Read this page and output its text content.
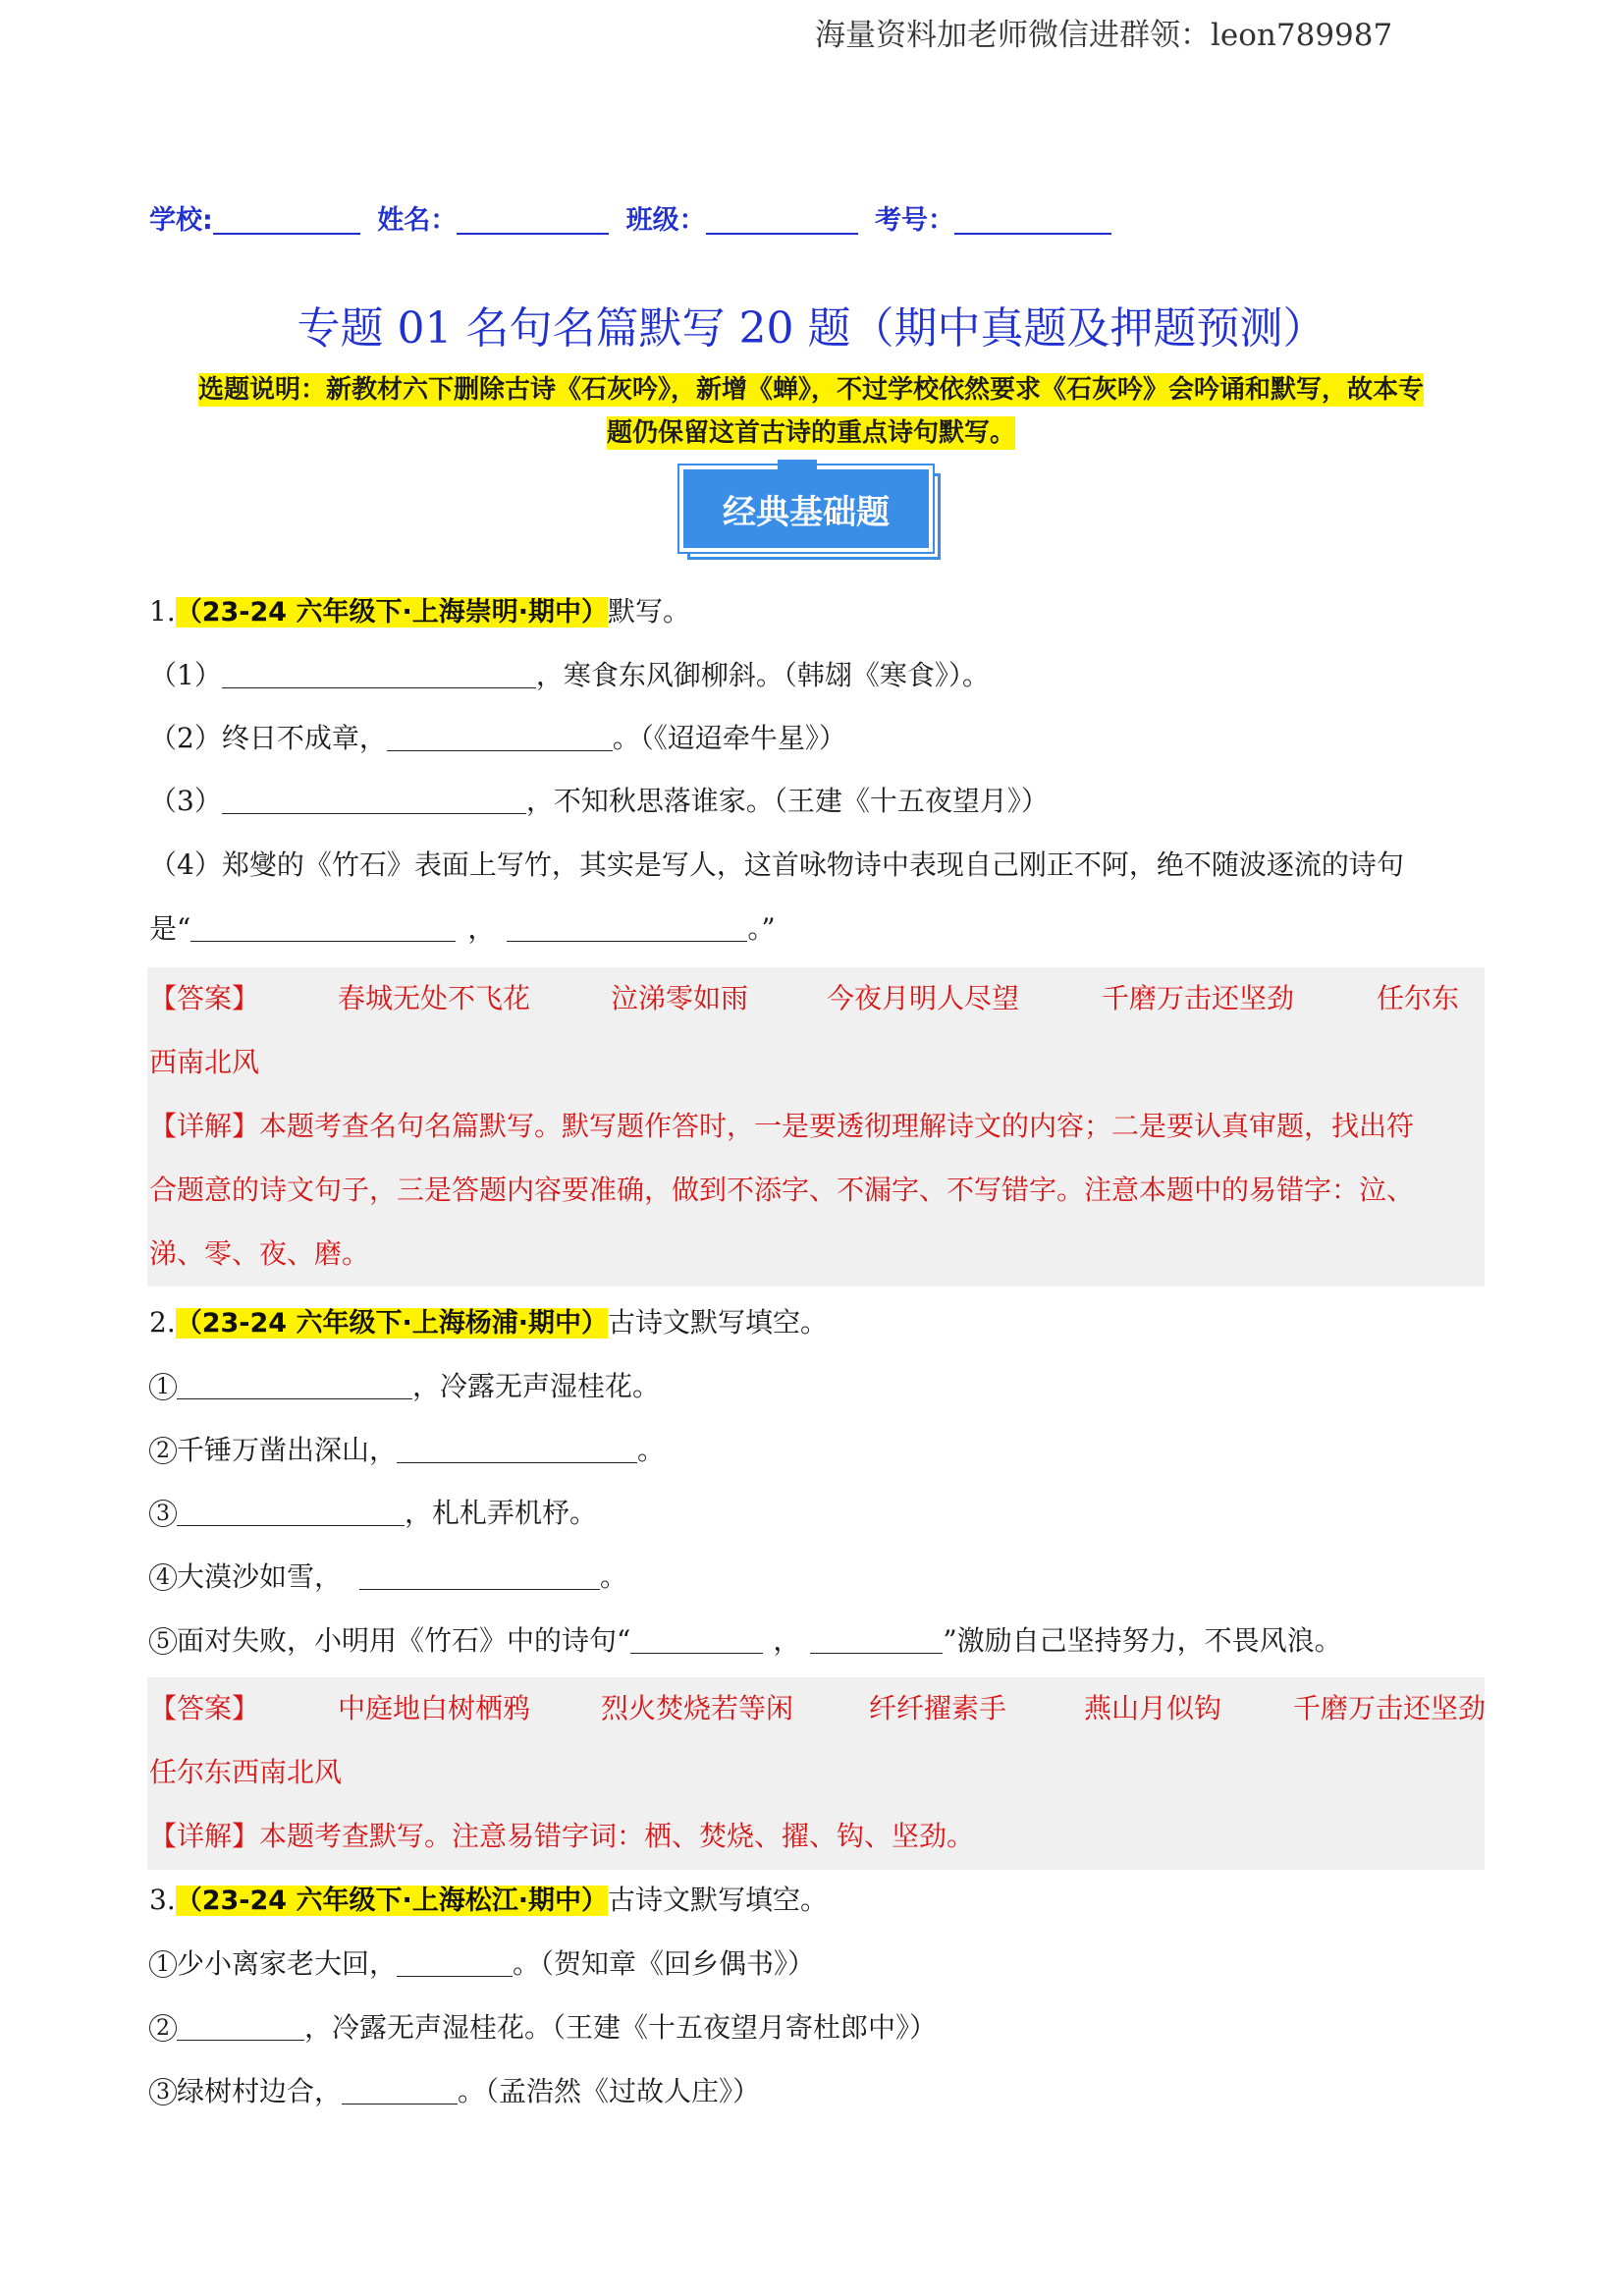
海量资料加老师微信进群领：leon789987
学校:	姓名：	班级：	考号：
专题 01 名句名篇默写 20 题（期中真题及押题预测）
选题说明：新教材六下删除古诗《石灰吟》，新增《蝉》，不过学校依然要求《石灰吟》会吟诵和默写，故本专
题仍保留这首古诗的重点诗句默写。
经典基础题
1.（23-24 六年级下·上海崇明·期中）默写。
（1）	，寒食东风御柳斜。（韩翃《寒食》）。
（2）终日不成章，	。（《迢迢牵牛星》）
（3）	，不知秋思落谁家。（王建《十五夜望月》）
（4）郑燮的《竹石》表面上写竹，其实是写人，这首咏物诗中表现自己刚正不阿，绝不随波逐流的诗句
是“	，	。”
【答案】	春城无处不飞花	泣涕零如雨	今夜月明人尽望	千磨万击还坚劲	任尔东
西南北风
【详解】本题考查名句名篇默写。默写题作答时，一是要透彻理解诗文的内容；二是要认真审题，找出符
合题意的诗文句子，三是答题内容要准确，做到不添字、不漏字、不写错字。注意本题中的易错字：泣、
涕、零、夜、磨。
2.（23-24 六年级下·上海杨浦·期中）古诗文默写填空。
1	，冷露无声湿桂花。
2 千锤万凿出深山，	。
3	，札札弄机杼。
4 大漠沙如雪，	。
5 面对失败，小明用《竹石》中的诗句“	，	”激励自己坚持努力，不畏风浪。
【答案】	中庭地白树栖鸦	烈火焚烧若等闲	纤纤擢素手	燕山月似钩	千磨万击还坚劲
任尔东西南北风
【详解】本题考查默写。注意易错字词：栖、焚烧、擢、钩、坚劲。
3.（23-24 六年级下·上海松江·期中）古诗文默写填空。
1 少小离家老大回，	。（贺知章《回乡偶书》）
2	，冷露无声湿桂花。（王建《十五夜望月寄杜郎中》）
3 绿树村边合，	。（孟浩然《过故人庄》）
